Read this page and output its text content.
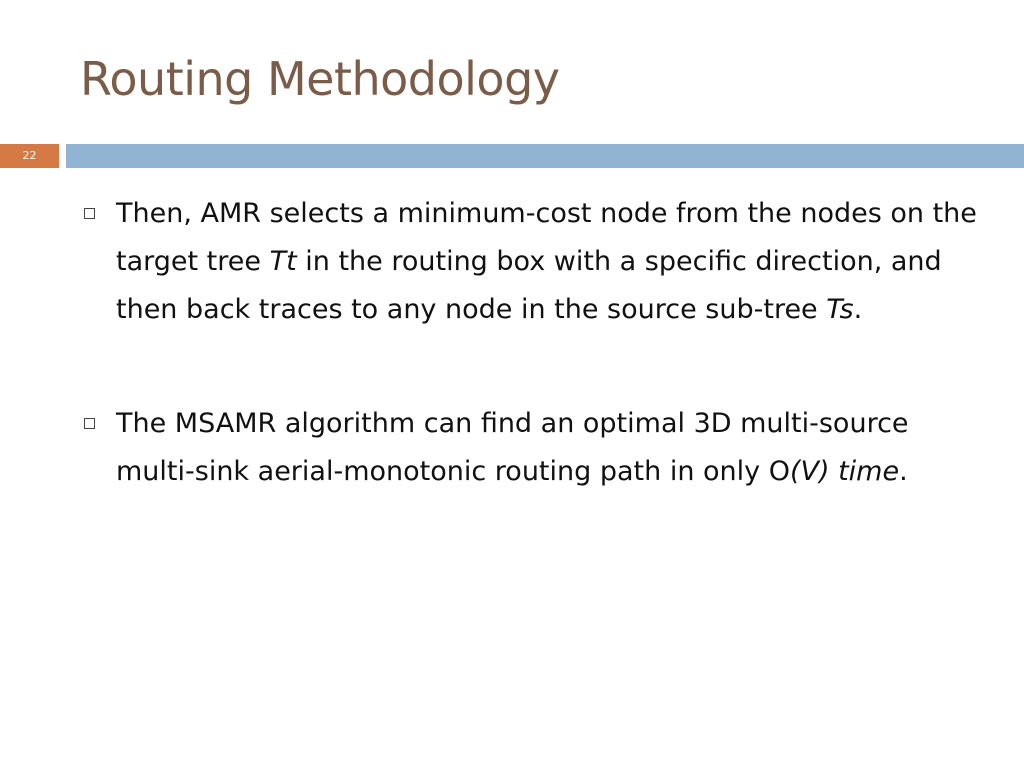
Routing Methodology
22
Then, AMR selects a minimum-cost node from the nodes on the target tree Tt in the routing box with a specific direction, and then back traces to any node in the source sub-tree Ts.
The MSAMR algorithm can find an optimal 3D multi-source multi-sink aerial-monotonic routing path in only O(V) time.
